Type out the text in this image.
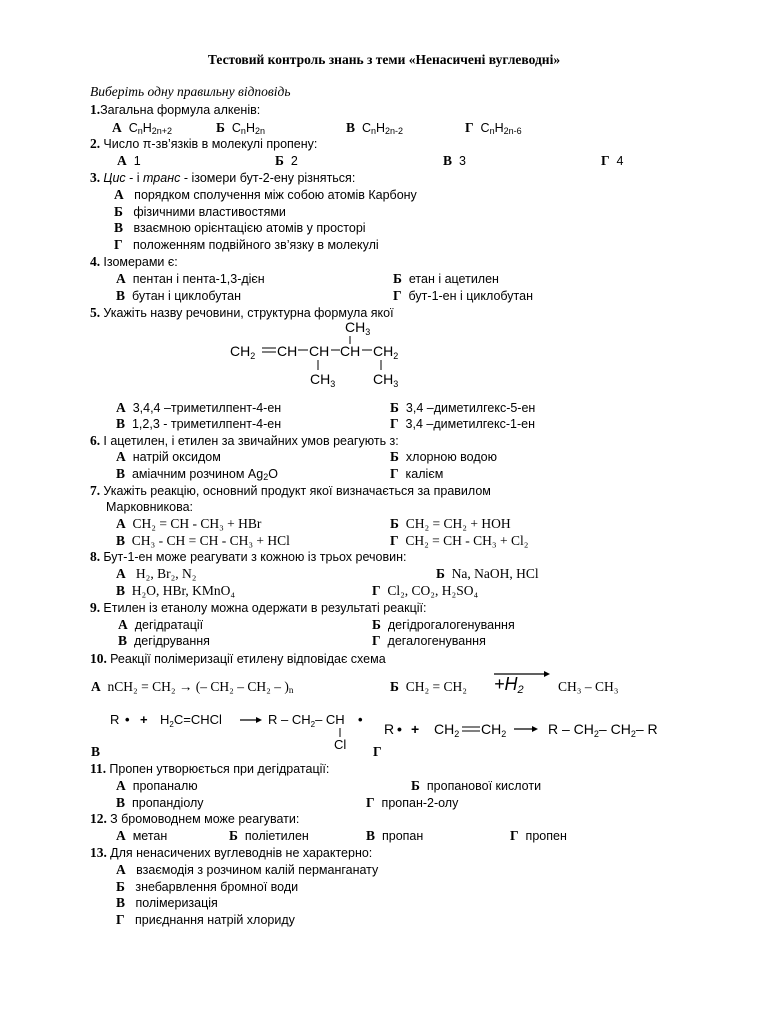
Тестовий контроль знань з теми «Ненасичені вуглеводні»
Виберіть одну правильну відповідь
1.Загальна формула алкенів:
А $C_nH_{2n+2}$	Б $C_nH_{2n}$	В $C_nH_{2n-2}$	Г $C_nH_{2n-6}$
2. Число π-зв’язків в молекулі пропену:
А 1	Б 2	В 3	Г 4
3. Цис - і транс - ізомери бут-2-ену різняться:
А порядком сполучення між собою атомів Карбону
Б фізичними властивостями
В взаємною орієнтацією атомів у просторі
Г положенням подвійного зв’язку в молекулі
4. Ізомерами є:
А пентан і пента-1,3-дієн	Б етан і ацетилен
В бутан і циклобутан	Г бут-1-ен і циклобутан
5. Укажіть назву речовини, структурна формула якої
$CH_3$
$CH_2$ CH CH CH $CH_2$
$CH_3$	$CH_3$
А 3,4,4 –триметилпент-4-ен	Б 3,4 –диметилгекс-5-ен
В 1,2,3 - триметилпент-4-ен	Г 3,4 –диметилгекс-1-ен
6. І ацетилен, і етилен за звичайних умов реагують з:
А натрій оксидом	Б хлорною водою
В аміачним розчином $Ag_2O$	Г калієм
7. Укажіть реакцію, основний продукт якої визначається за правилом
Марковникова:
А CH₂ = CH - CH₃ + HBr	Б CH₂ = CH₂ + HOH
В CH₃ - CH = CH - CH₃ + HCl	Г CH₂ = CH - CH₃ + Cl₂
8. Бут-1-ен може реагувати з кожною із трьох речовин:
А H₂, Br₂, N₂	Б Na, NaOH, HCl
В H₂O, HBr, KMnO₄	Г Cl₂, CO₂, H₂SO₄
9. Етилен із етанолу можна одержати в результаті реакції:
А дегідратації	Б дегідрогалогенування
В дегідрування	Г дегалогенування
10. Реакції полімеризації етилену відповідає схема
А nCH₂ = CH₂ → (– $CH_2 - CH_2 - )_n$	Б CH₂ = CH₂ +H2	CH₃ – CH₃
R • + $H_2C=CHCl$	R – $CH_2-$ CH •
Cl
R • + $CH_2$ $CH_2$	R – $CH_2-$ $CH_2-$ R
В	Г
11. Пропен утворюється при дегідратації:
А пропаналю	Б пропанової кислоти
В пропандіолу	Г пропан-2-олу
12. З бромоводнем може реагувати:
А метан	Б поліетилен	В пропан	Г пропен
13. Для ненасичених вуглеводнів не характерно:
А взаємодія з розчином калій перманганату
Б знебарвлення бромної води
В полімеризація
Г приєднання натрій хлориду
